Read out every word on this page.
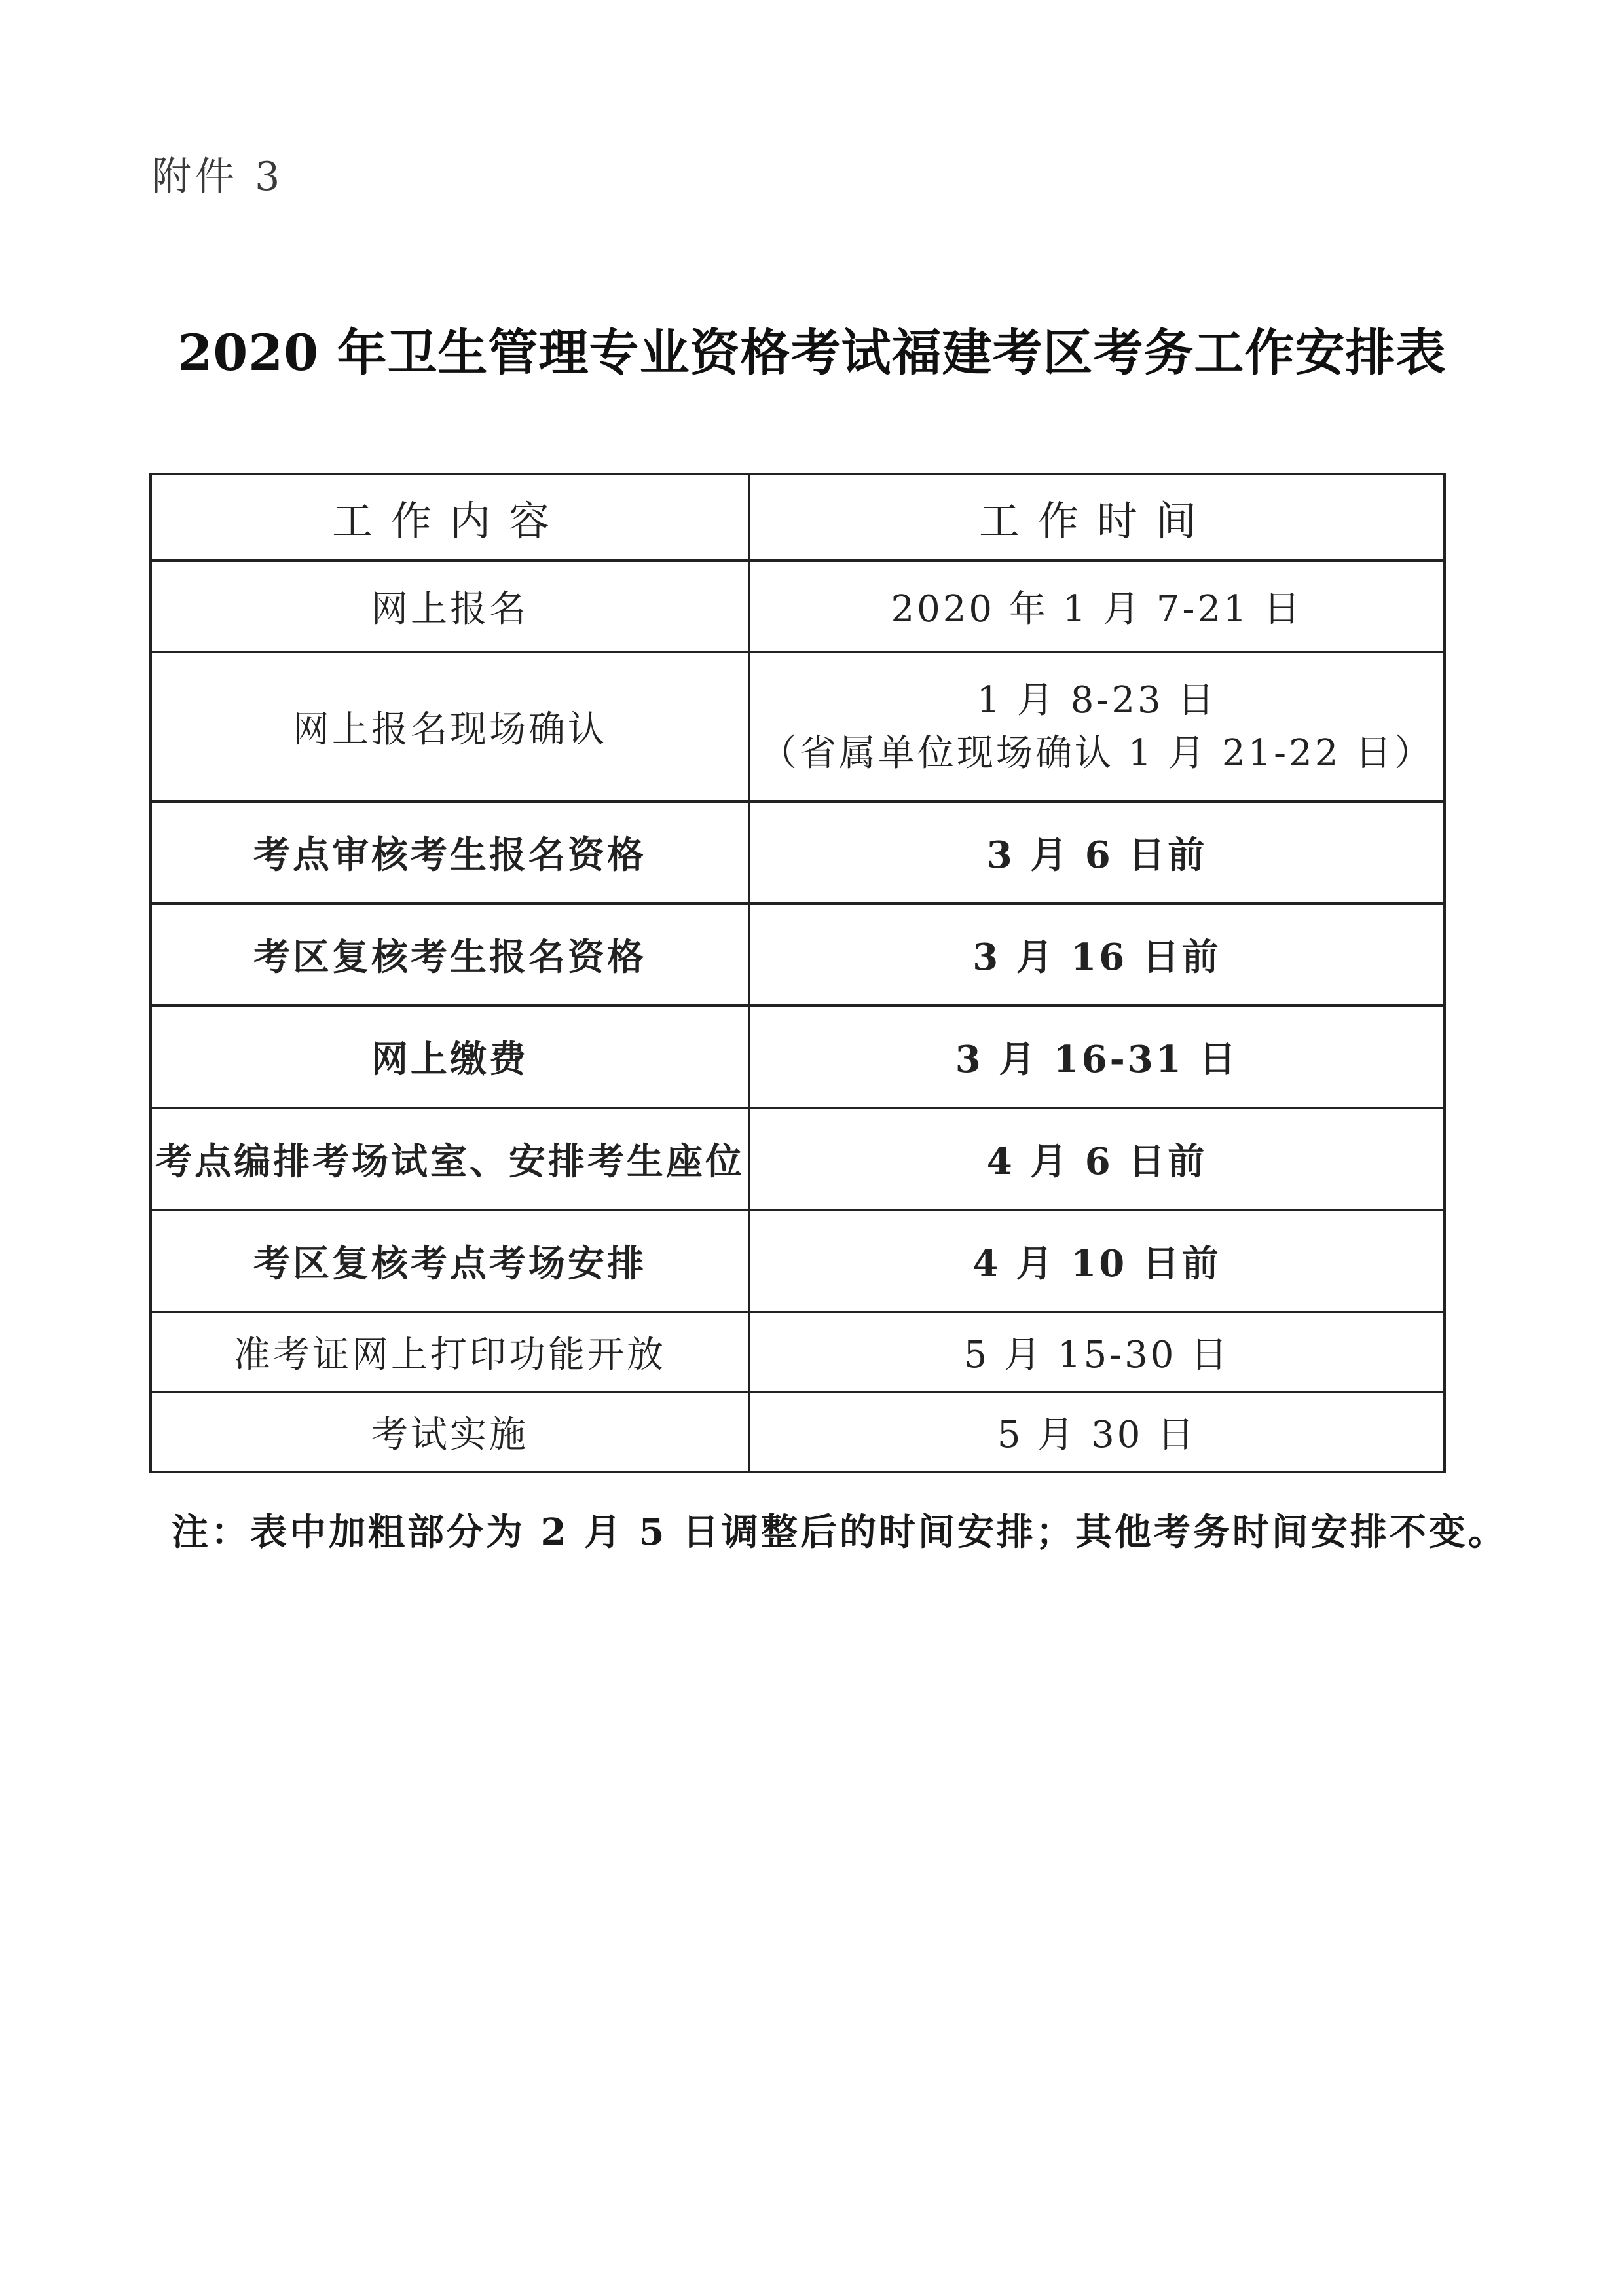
附件 3
2020 年卫生管理专业资格考试福建考区考务工作安排表
工作内容	工作时间
网上报名	2020 年 1 月 7-21 日
网上报名现场确认	1 月 8-23 日
（省属单位现场确认 1 月 21-22 日）

考点审核考生报名资格	3 月 6 日前
考区复核考生报名资格	3 月 16 日前
网上缴费	3 月 16-31 日
考点编排考场试室、安排考生座位	4 月 6 日前
考区复核考点考场安排	4 月 10 日前
准考证网上打印功能开放	5 月 15-30 日
考试实施	5 月 30 日
注：表中加粗部分为 2 月 5 日调整后的时间安排；其他考务时间安排不变。
